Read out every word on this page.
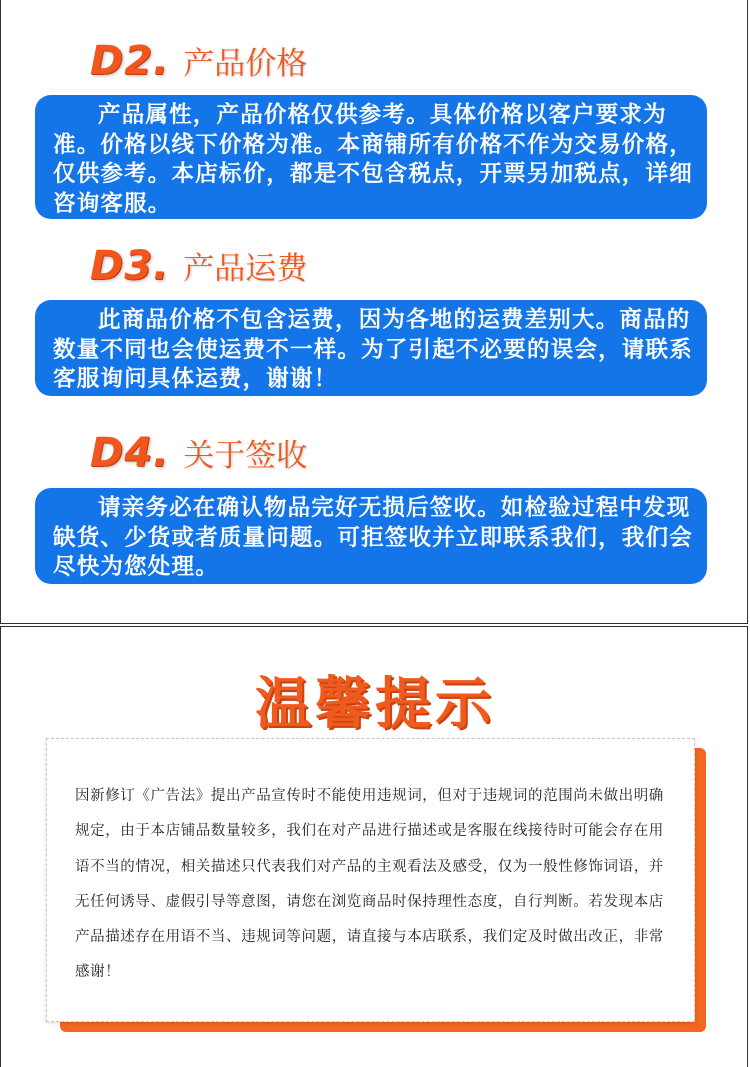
D2. 产品价格

产品属性，产品价格仅供参考。具体价格以客户要求为准。价格以线下价格为准。本商铺所有价格不作为交易价格，仅供参考。本店标价，都是不包含税点，开票另加税点，详细咨询客服。

D3. 产品运费

此商品价格不包含运费，因为各地的运费差别大。商品的数量不同也会使运费不一样。为了引起不必要的误会，请联系客服询问具体运费，谢谢！

D4. 关于签收

请亲务必在确认物品完好无损后签收。如检验过程中发现缺货、少货或者质量问题。可拒签收并立即联系我们，我们会尽快为您处理。

温馨提示

因新修订《广告法》提出产品宣传时不能使用违规词，但对于违规词的范围尚未做出明确规定，由于本店铺品数量较多，我们在对产品进行描述或是客服在线接待时可能会存在用语不当的情况，相关描述只代表我们对产品的主观看法及感受，仅为一般性修饰词语，并无任何诱导、虚假引导等意图，请您在浏览商品时保持理性态度，自行判断。若发现本店产品描述存在用语不当、违规词等问题，请直接与本店联系，我们定及时做出改正，非常感谢！
